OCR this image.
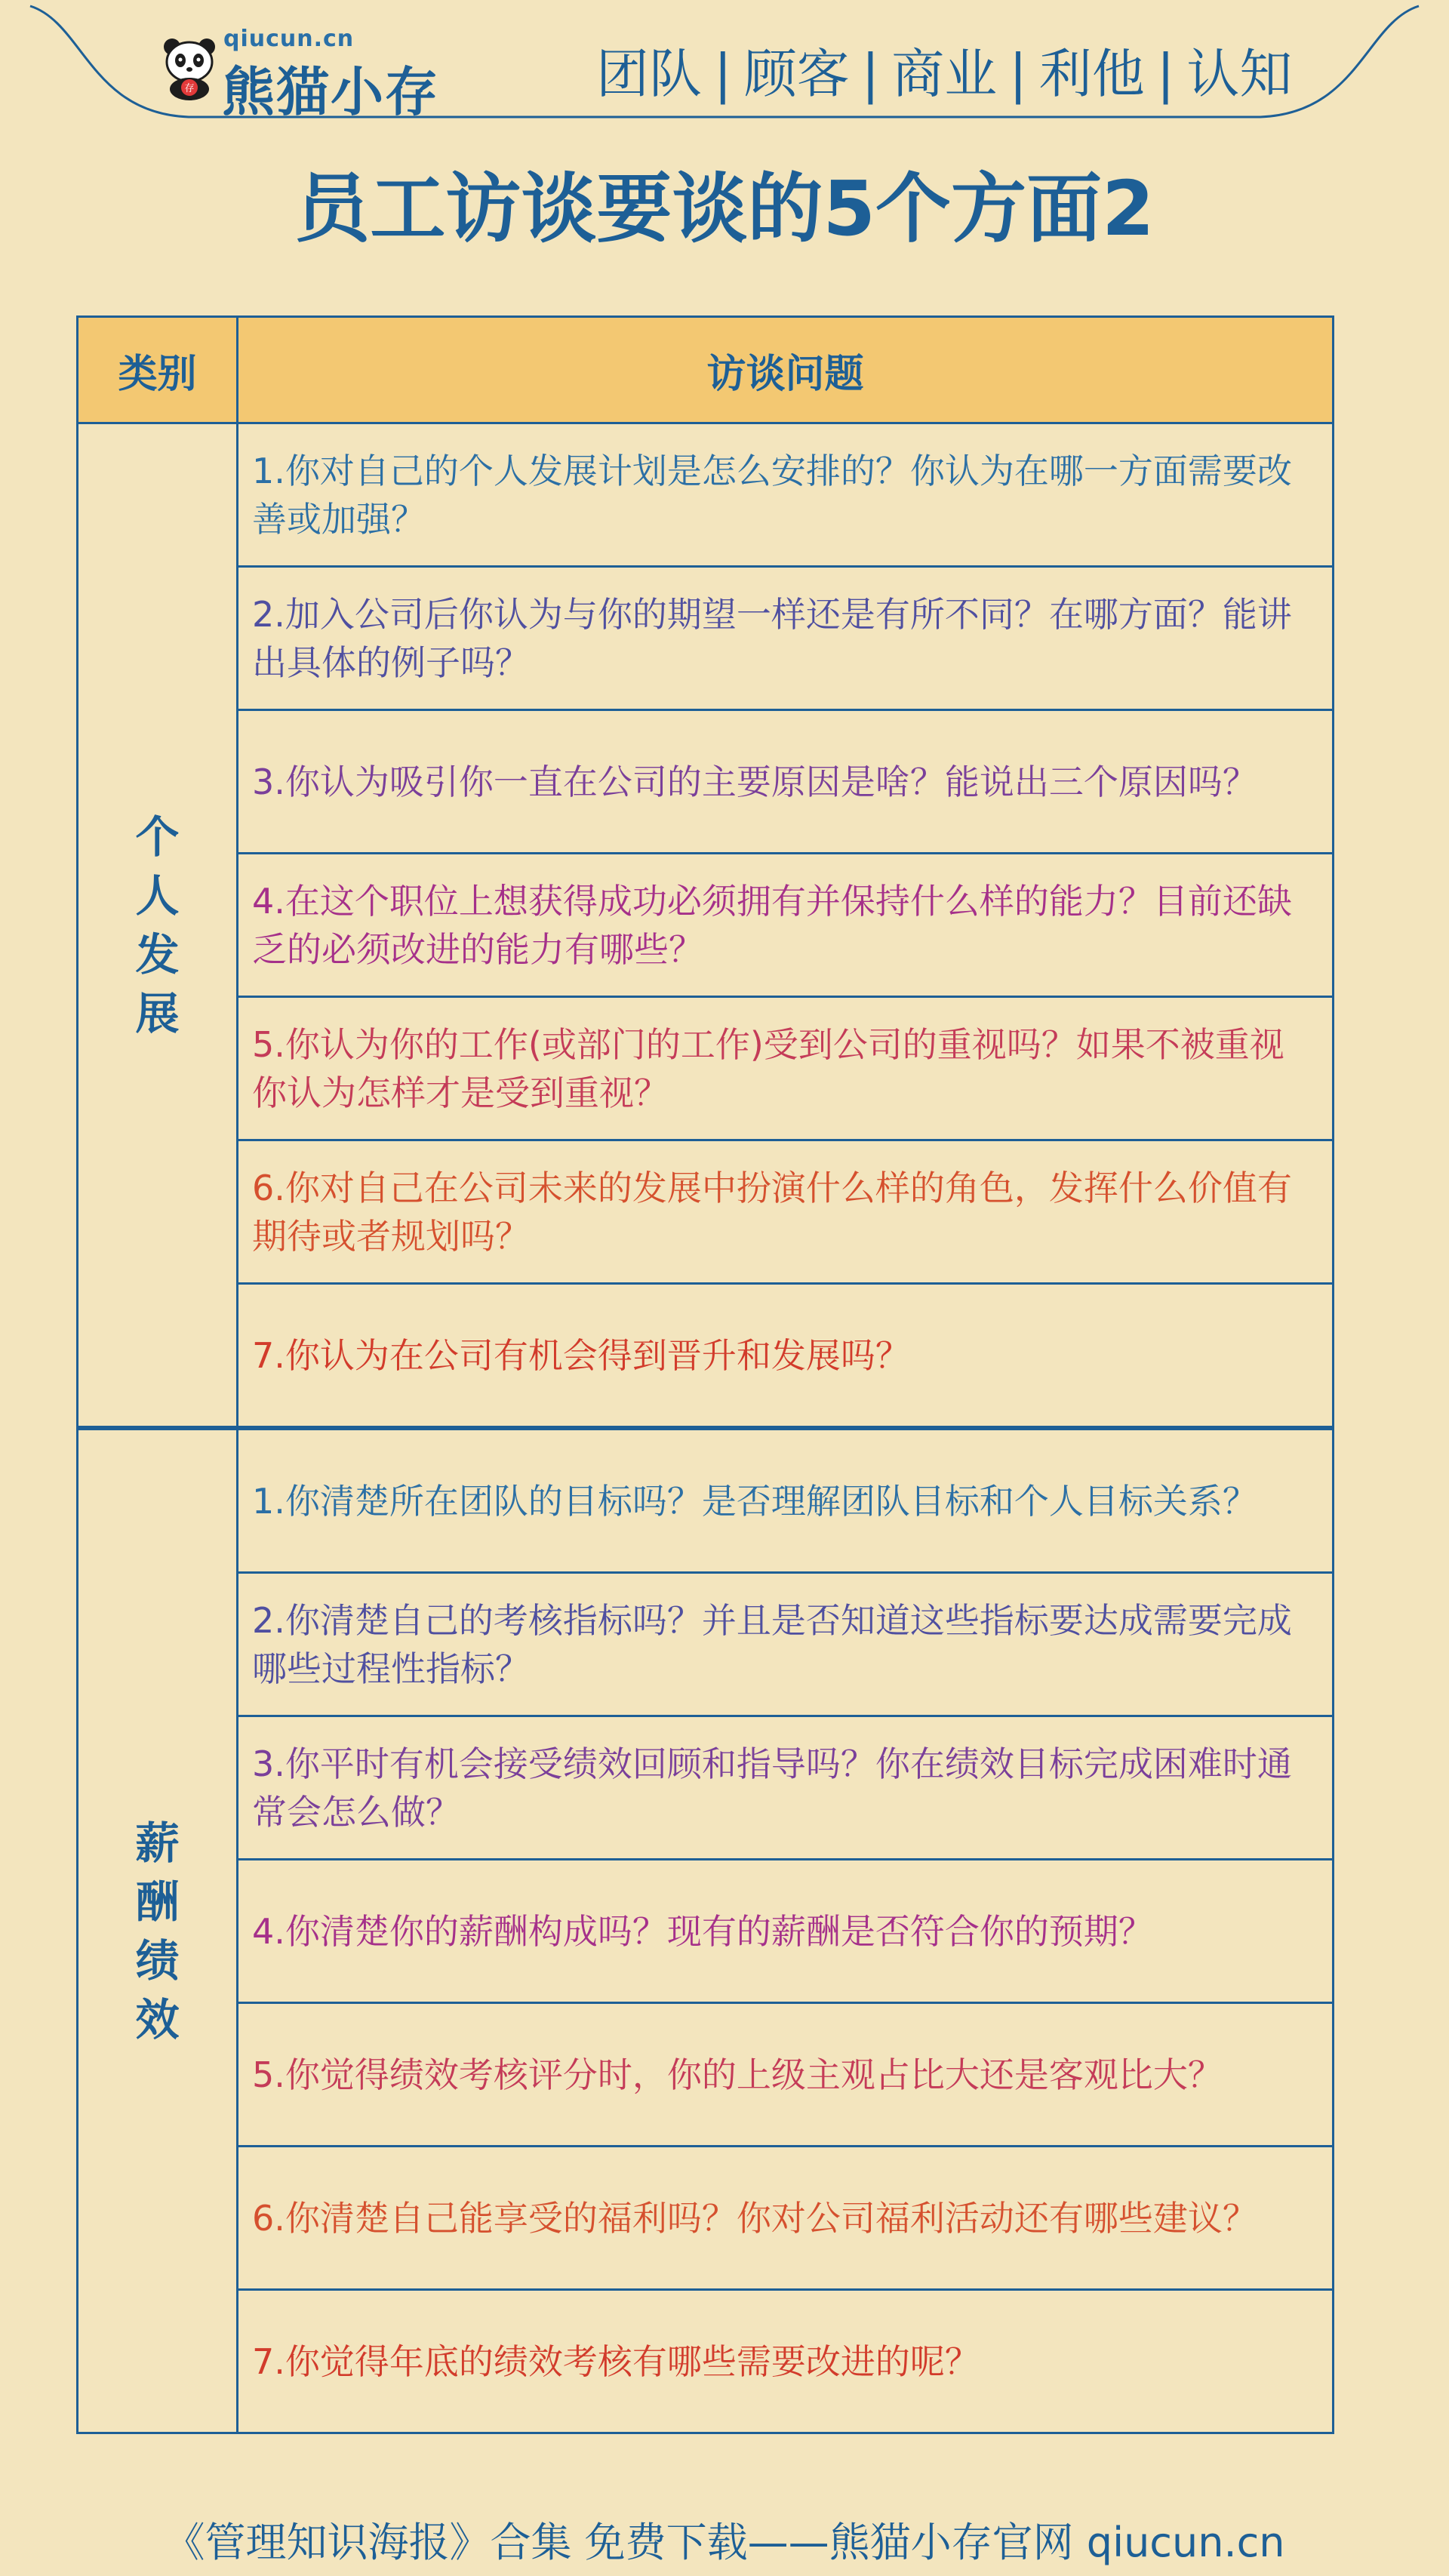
存
qiucun.cn
熊猫小存	团队 | 顾客 | 商业 | 利他 | 认知
员工访谈要谈的5个方面2
类别	访谈问题

个人发展	1.你对自己的个人发展计划是怎么安排的？你认为在哪一方面需要改善或加强？
	2.加入公司后你认为与你的期望一样还是有所不同？在哪方面？能讲出具体的例子吗？
	3.你认为吸引你一直在公司的主要原因是啥？能说出三个原因吗？
	4.在这个职位上想获得成功必须拥有并保持什么样的能力？目前还缺乏的必须改进的能力有哪些？
	5.你认为你的工作(或部门的工作)受到公司的重视吗？如果不被重视你认为怎样才是受到重视？
	6.你对自己在公司未来的发展中扮演什么样的角色，发挥什么价值有期待或者规划吗？
	7.你认为在公司有机会得到晋升和发展吗？

薪酬绩效	1.你清楚所在团队的目标吗？是否理解团队目标和个人目标关系？
	2.你清楚自己的考核指标吗？并且是否知道这些指标要达成需要完成哪些过程性指标？
	3.你平时有机会接受绩效回顾和指导吗？你在绩效目标完成困难时通常会怎么做？
	4.你清楚你的薪酬构成吗？现有的薪酬是否符合你的预期？
	5.你觉得绩效考核评分时，你的上级主观占比大还是客观比大？
	6.你清楚自己能享受的福利吗？你对公司福利活动还有哪些建议？
	7.你觉得年底的绩效考核有哪些需要改进的呢？
《管理知识海报》合集 免费下载——熊猫小存官网 qiucun.cn
